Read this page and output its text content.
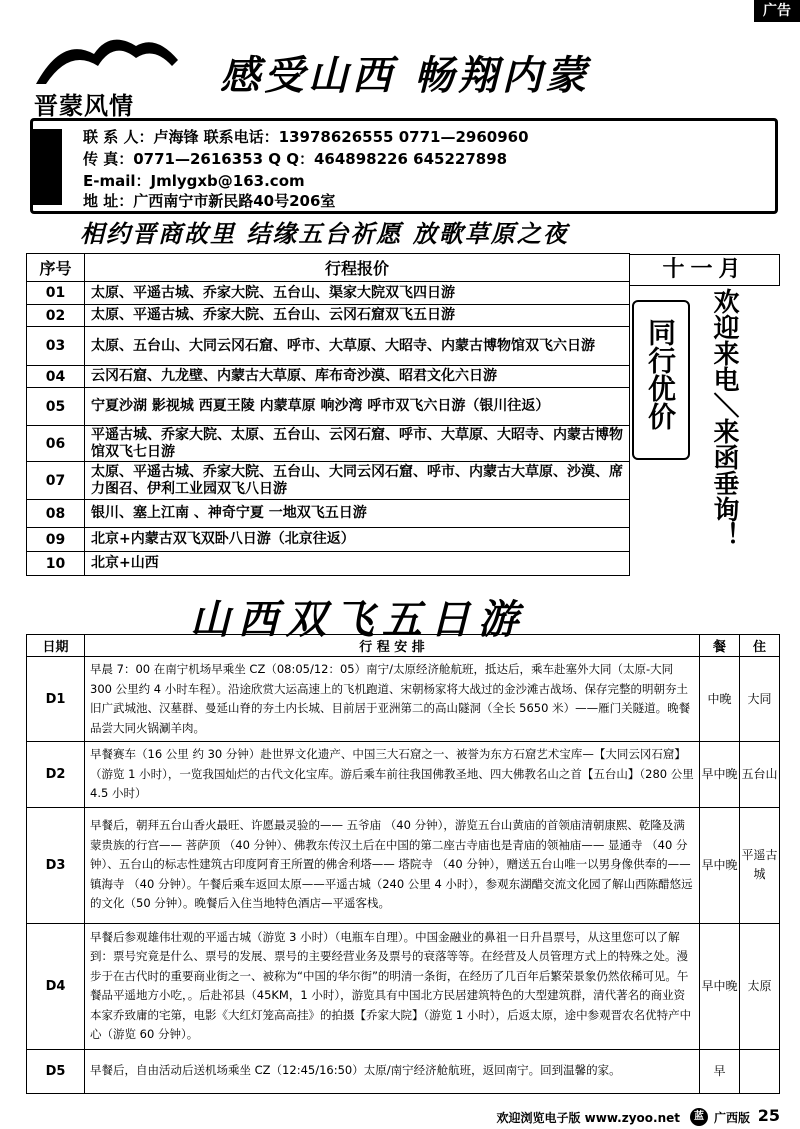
广告
晋蒙风情
感受山西 畅翔内蒙
联 系 人：卢海锋 联系电话：13978626555 0771—2960960
传 真：0771—2616353 Q Q：464898226 645227898
E-mail：Jmlygxb@163.com
地 址：广西南宁市新民路40号206室
相约晋商故里 结缘五台祈愿 放歌草原之夜
序号	行程报价
01	太原、平遥古城、乔家大院、五台山、渠家大院双飞四日游
02	太原、平遥古城、乔家大院、五台山、云冈石窟双飞五日游
03	太原、五台山、大同云冈石窟、呼市、大草原、大昭寺、内蒙古博物馆双飞六日游
04	云冈石窟、九龙壁、内蒙古大草原、库布奇沙漠、昭君文化六日游
05	宁夏沙湖 影视城 西夏王陵 内蒙草原 响沙湾 呼市双飞六日游（银川往返）
06	平遥古城、乔家大院、太原、五台山、云冈石窟、呼市、大草原、大昭寺、内蒙古博物馆双飞七日游
07	太原、平遥古城、乔家大院、五台山、大同云冈石窟、呼市、内蒙古大草原、沙漠、席力图召、伊利工业园双飞八日游
08	银川、塞上江南 、神奇宁夏 一地双飞五日游
09	北京+内蒙古双飞双卧八日游（北京往返）
10	北京+山西
十一月
同行优价	欢迎来电＼来函垂询！
山西双飞五日游
日期	行 程 安 排	餐	住
D1	早晨 7：00 在南宁机场早乘坐 CZ（08:05/12：05）南宁/太原经济舱航班，抵达后，乘车赴塞外大同（太原-大同 300 公里约 4 小时车程）。沿途欣赏大运高速上的飞机跑道、宋朝杨家将大战过的金沙滩古战场、保存完整的明朝夯土旧广武城池、汉墓群、曼延山脊的夯土内长城、目前居于亚洲第二的高山隧洞（全长 5650 米）——雁门关隧道。晚餐品尝大同火锅涮羊肉。	中晚	大同
D2	早餐赛车（16 公里 约 30 分钟）赴世界文化遗产、中国三大石窟之一、被誉为东方石窟艺术宝库—【大同云冈石窟】（游览 1 小时），一览我国灿烂的古代文化宝库。游后乘车前往我国佛教圣地、四大佛教名山之首【五台山】（280 公里 4.5 小时）	早中晚	五台山
D3	早餐后，朝拜五台山香火最旺、许愿最灵验的—— 五爷庙 （40 分钟），游览五台山黄庙的首领庙清朝康熙、乾隆及满蒙贵族的行宫—— 菩萨顶 （40 分钟）、佛教东传汉土后在中国的第二座古寺庙也是青庙的领袖庙—— 显通寺 （40 分钟）、五台山的标志性建筑古印度阿育王所置的佛舍利塔—— 塔院寺 （40 分钟），赠送五台山唯一以男身像供奉的—— 镇海寺 （40 分钟）。午餐后乘车返回太原——平遥古城（240 公里 4 小时），参观东湖醋交流文化园了解山西陈醋悠远的文化（50 分钟）。晚餐后入住当地特色酒店—平遥客栈。	早中晚	平遥古城
D4	早餐后参观雄伟壮观的平遥古城（游览 3 小时）（电瓶车自理）。中国金融业的鼻祖一日升昌票号，从这里您可以了解到：票号究竟是什么、票号的发展、票号的主要经营业务及票号的衰落等等。在经营及人员管理方式上的特殊之处。漫步于在古代时的重要商业街之一、被称为“中国的华尔街”的明清一条街，在经历了几百年后繁荣景象仍然依稀可见。午餐品平遥地方小吃，。后赴祁县（45KM，1 小时），游览具有中国北方民居建筑特色的大型建筑群，清代著名的商业资本家乔致庸的宅第，电影《大红灯笼高高挂》的拍摄【乔家大院】（游览 1 小时），后返太原，途中参观晋农名优特产中心（游览 60 分钟）。	早中晚	太原
D5	早餐后，自由活动后送机场乘坐 CZ（12:45/16:50）太原/南宁经济舱航班，返回南宁。回到温馨的家。	早	
欢迎浏览电子版 www.zyoo.net	蓝 广西版 25
